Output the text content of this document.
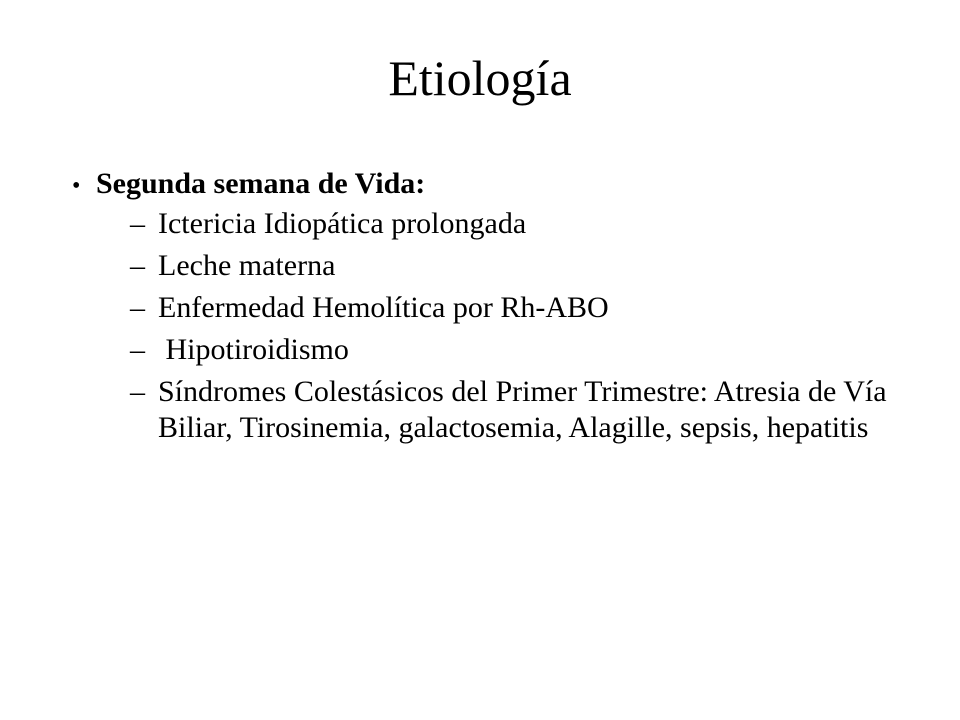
Etiología
• Segunda semana de Vida:
– Ictericia Idiopática prolongada
– Leche materna
– Enfermedad Hemolítica por Rh-ABO
– Hipotiroidismo
– Síndromes Colestásicos del Primer Trimestre: Atresia de Vía Biliar, Tirosinemia, galactosemia, Alagille, sepsis, hepatitis
